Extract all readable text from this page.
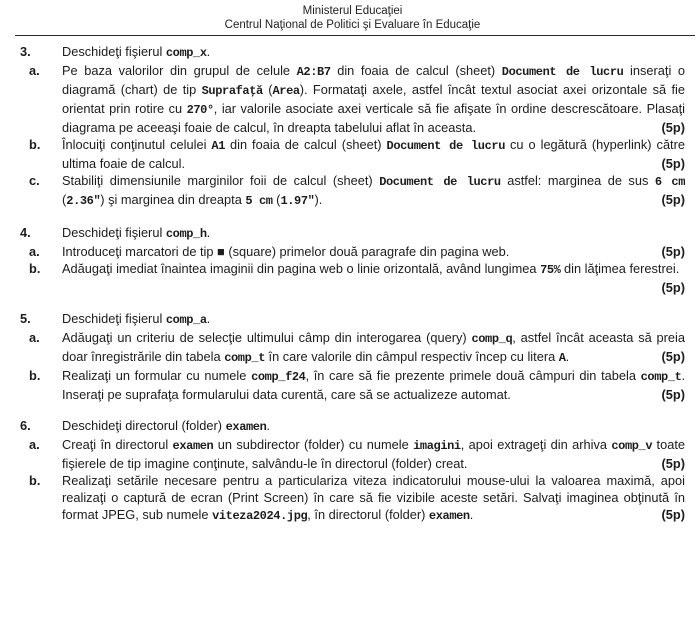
Ministerul Educaţiei
Centrul Naţional de Politici şi Evaluare în Educaţie
3.	Deschideţi fişierul comp_x.
a.	Pe baza valorilor din grupul de celule A2:B7 din foaia de calcul (sheet) Document de lucru inseraţi o diagramă (chart) de tip Suprafaţă (Area). Formataţi axele, astfel încât textul asociat axei orizontale să fie orientat prin rotire cu 270°, iar valorile asociate axei verticale să fie afişate în ordine descrescătoare. Plasaţi diagrama pe aceeaşi foaie de calcul, în dreapta tabelului aflat în aceasta.	(5p)
b.	Înlocuiţi conţinutul celulei A1 din foaia de calcul (sheet) Document de lucru cu o legătură (hyperlink) către ultima foaie de calcul.	(5p)
c.	Stabiliţi dimensiunile marginilor foii de calcul (sheet) Document de lucru astfel: marginea de sus 6 cm (2.36″) şi marginea din dreapta 5 cm (1.97″).	(5p)
4.	Deschideţi fişierul comp_h.
a.	Introduceţi marcatori de tip ■ (square) primelor două paragrafe din pagina web.	(5p)
b.	Adăugaţi imediat înaintea imaginii din pagina web o linie orizontală, având lungimea 75% din lăţimea ferestrei.
(5p)
5.	Deschideţi fişierul comp_a.
a.	Adăugaţi un criteriu de selecţie ultimului câmp din interogarea (query) comp_q, astfel încât aceasta să preia doar înregistrările din tabela comp_t în care valorile din câmpul respectiv încep cu litera A.	(5p)
b.	Realizaţi un formular cu numele comp_f24, în care să fie prezente primele două câmpuri din tabela comp_t. Inseraţi pe suprafaţa formularului data curentă, care să se actualizeze automat.	(5p)
6.	Deschideţi directorul (folder) examen.
a.	Creaţi în directorul examen un subdirector (folder) cu numele imagini, apoi extrageţi din arhiva comp_v toate fişierele de tip imagine conţinute, salvându-le în directorul (folder) creat.	(5p)
b.	Realizaţi setările necesare pentru a particulariza viteza indicatorului mouse-ului la valoarea maximă, apoi realizaţi o captură de ecran (Print Screen) în care să fie vizibile aceste setări. Salvaţi imaginea obţinută în format JPEG, sub numele viteza2024.jpg, în directorul (folder) examen.	(5p)
